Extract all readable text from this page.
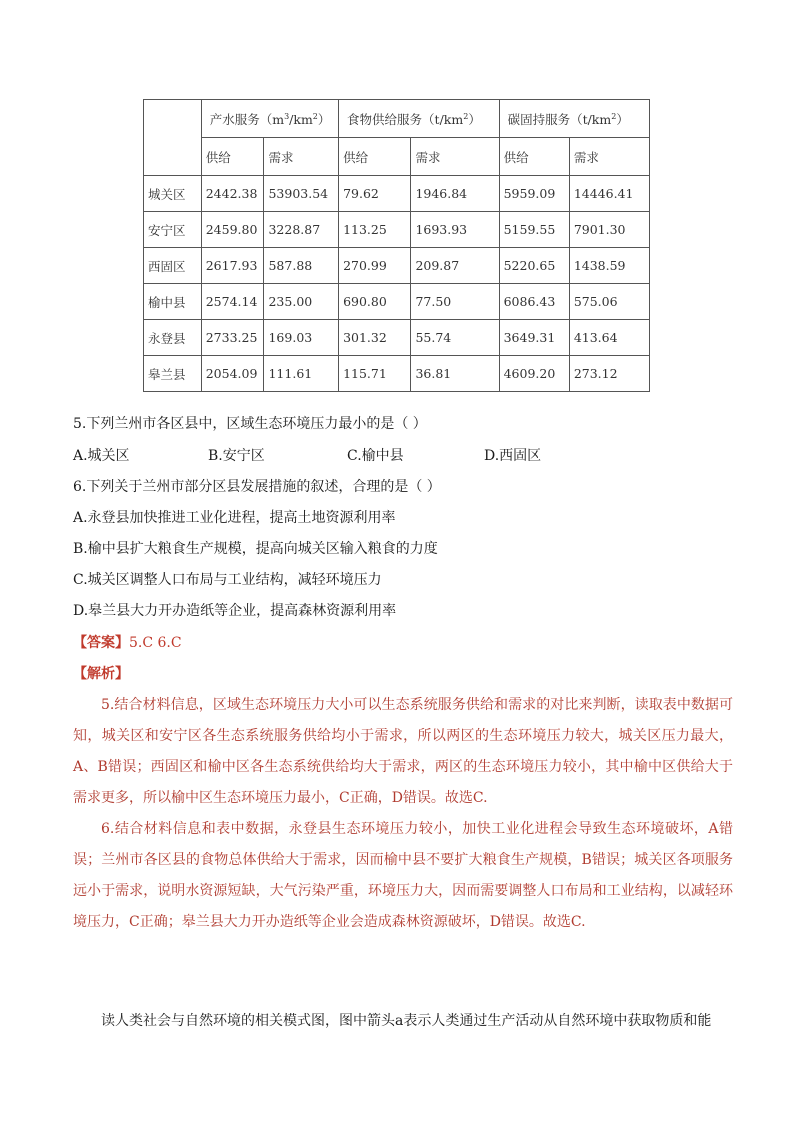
	产水服务$(m^3/km^2)$		食物供给服务$(t/km^2)$		碳固持服务$(t/km^2)$	
	供给	需求	供给	需求	供给	需求
城关区	2442.38	53903.54	79.62	1946.84	5959.09	14446.41
安宁区	2459.80	3228.87	113.25	1693.93	5159.55	7901.30
西固区	2617.93	587.88	270.99	209.87	5220.65	1438.59
榆中县	2574.14	235.00	690.80	77.50	6086.43	575.06
永登县	2733.25	169.03	301.32	55.74	3649.31	413.64
皋兰县	2054.09	111.61	115.71	36.81	4609.20	273.12
5.下列兰州市各区县中，区域生态环境压力最小的是（ ）
A.城关区	B.安宁区	C.榆中县	D.西固区
6.下列关于兰州市部分区县发展措施的叙述，合理的是（ ）
A.永登县加快推进工业化进程，提高土地资源利用率
B.榆中县扩大粮食生产规模，提高向城关区输入粮食的力度
C.城关区调整人口布局与工业结构，减轻环境压力
D.皋兰县大力开办造纸等企业，提高森林资源利用率
【答案】5.C 6.C
【解析】
5.结合材料信息，区域生态环境压力大小可以生态系统服务供给和需求的对比来判断，读取表中数据可知，城关区和安宁区各生态系统服务供给均小于需求，所以两区的生态环境压力较大，城关区压力最大，A、B错误；西固区和榆中区各生态系统供给均大于需求，两区的生态环境压力较小，其中榆中区供给大于需求更多，所以榆中区生态环境压力最小，C正确，D错误。故选C.
6.结合材料信息和表中数据，永登县生态环境压力较小，加快工业化进程会导致生态环境破坏，A错误；兰州市各区县的食物总体供给大于需求，因而榆中县不要扩大粮食生产规模，B错误；城关区各项服务远小于需求，说明水资源短缺，大气污染严重，环境压力大，因而需要调整人口布局和工业结构，以减轻环境压力，C正确；皋兰县大力开办造纸等企业会造成森林资源破坏，D错误。故选C.
读人类社会与自然环境的相关模式图，图中箭头a表示人类通过生产活动从自然环境中获取物质和能
